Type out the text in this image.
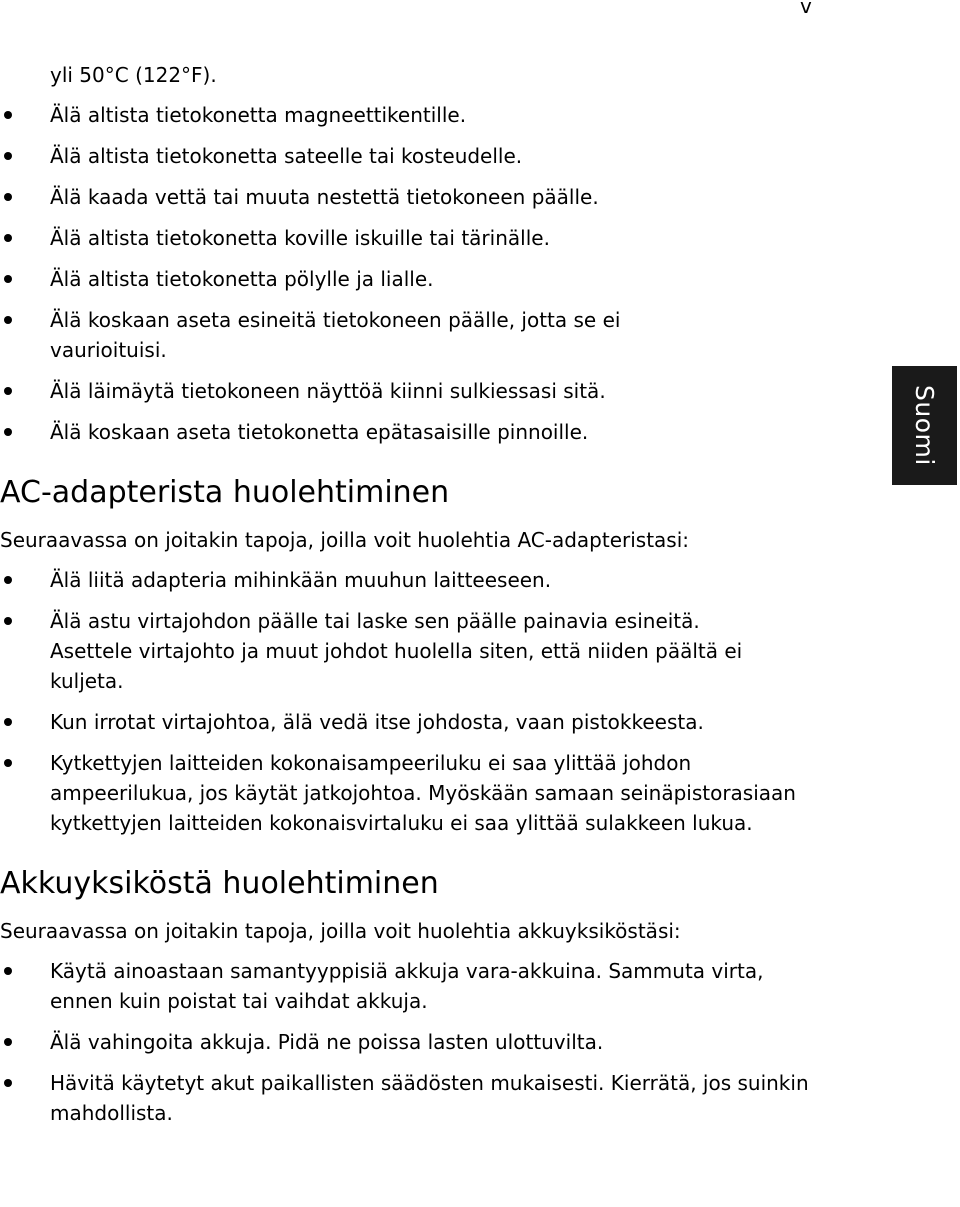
v
Suomi

yli 50°C (122°F).

Älä altista tietokonetta magneettikentille.
Älä altista tietokonetta sateelle tai kosteudelle.
Älä kaada vettä tai muuta nestettä tietokoneen päälle.
Älä altista tietokonetta koville iskuille tai tärinälle.
Älä altista tietokonetta pölylle ja lialle.
Älä koskaan aseta esineitä tietokoneen päälle, jotta se ei vaurioituisi.
Älä läimäytä tietokoneen näyttöä kiinni sulkiessasi sitä.
Älä koskaan aseta tietokonetta epätasaisille pinnoille.
AC-adapterista huolehtiminen

Seuraavassa on joitakin tapoja, joilla voit huolehtia AC-adapteristasi:

Älä liitä adapteria mihinkään muuhun laitteeseen.
Älä astu virtajohdon päälle tai laske sen päälle painavia esineitä. Asettele virtajohto ja muut johdot huolella siten, että niiden päältä ei kuljeta.
Kun irrotat virtajohtoa, älä vedä itse johdosta, vaan pistokkeesta.
Kytkettyjen laitteiden kokonaisampeeriluku ei saa ylittää johdon ampeerilukua, jos käytät jatkojohtoa. Myöskään samaan seinäpistorasiaan kytkettyjen laitteiden kokonaisvirtaluku ei saa ylittää sulakkeen lukua.
Akkuyksiköstä huolehtiminen

Seuraavassa on joitakin tapoja, joilla voit huolehtia akkuyksiköstäsi:

Käytä ainoastaan samantyyppisiä akkuja vara-akkuina. Sammuta virta, ennen kuin poistat tai vaihdat akkuja.
Älä vahingoita akkuja. Pidä ne poissa lasten ulottuvilta.
Hävitä käytetyt akut paikallisten säädösten mukaisesti. Kierrätä, jos suinkin mahdollista.
